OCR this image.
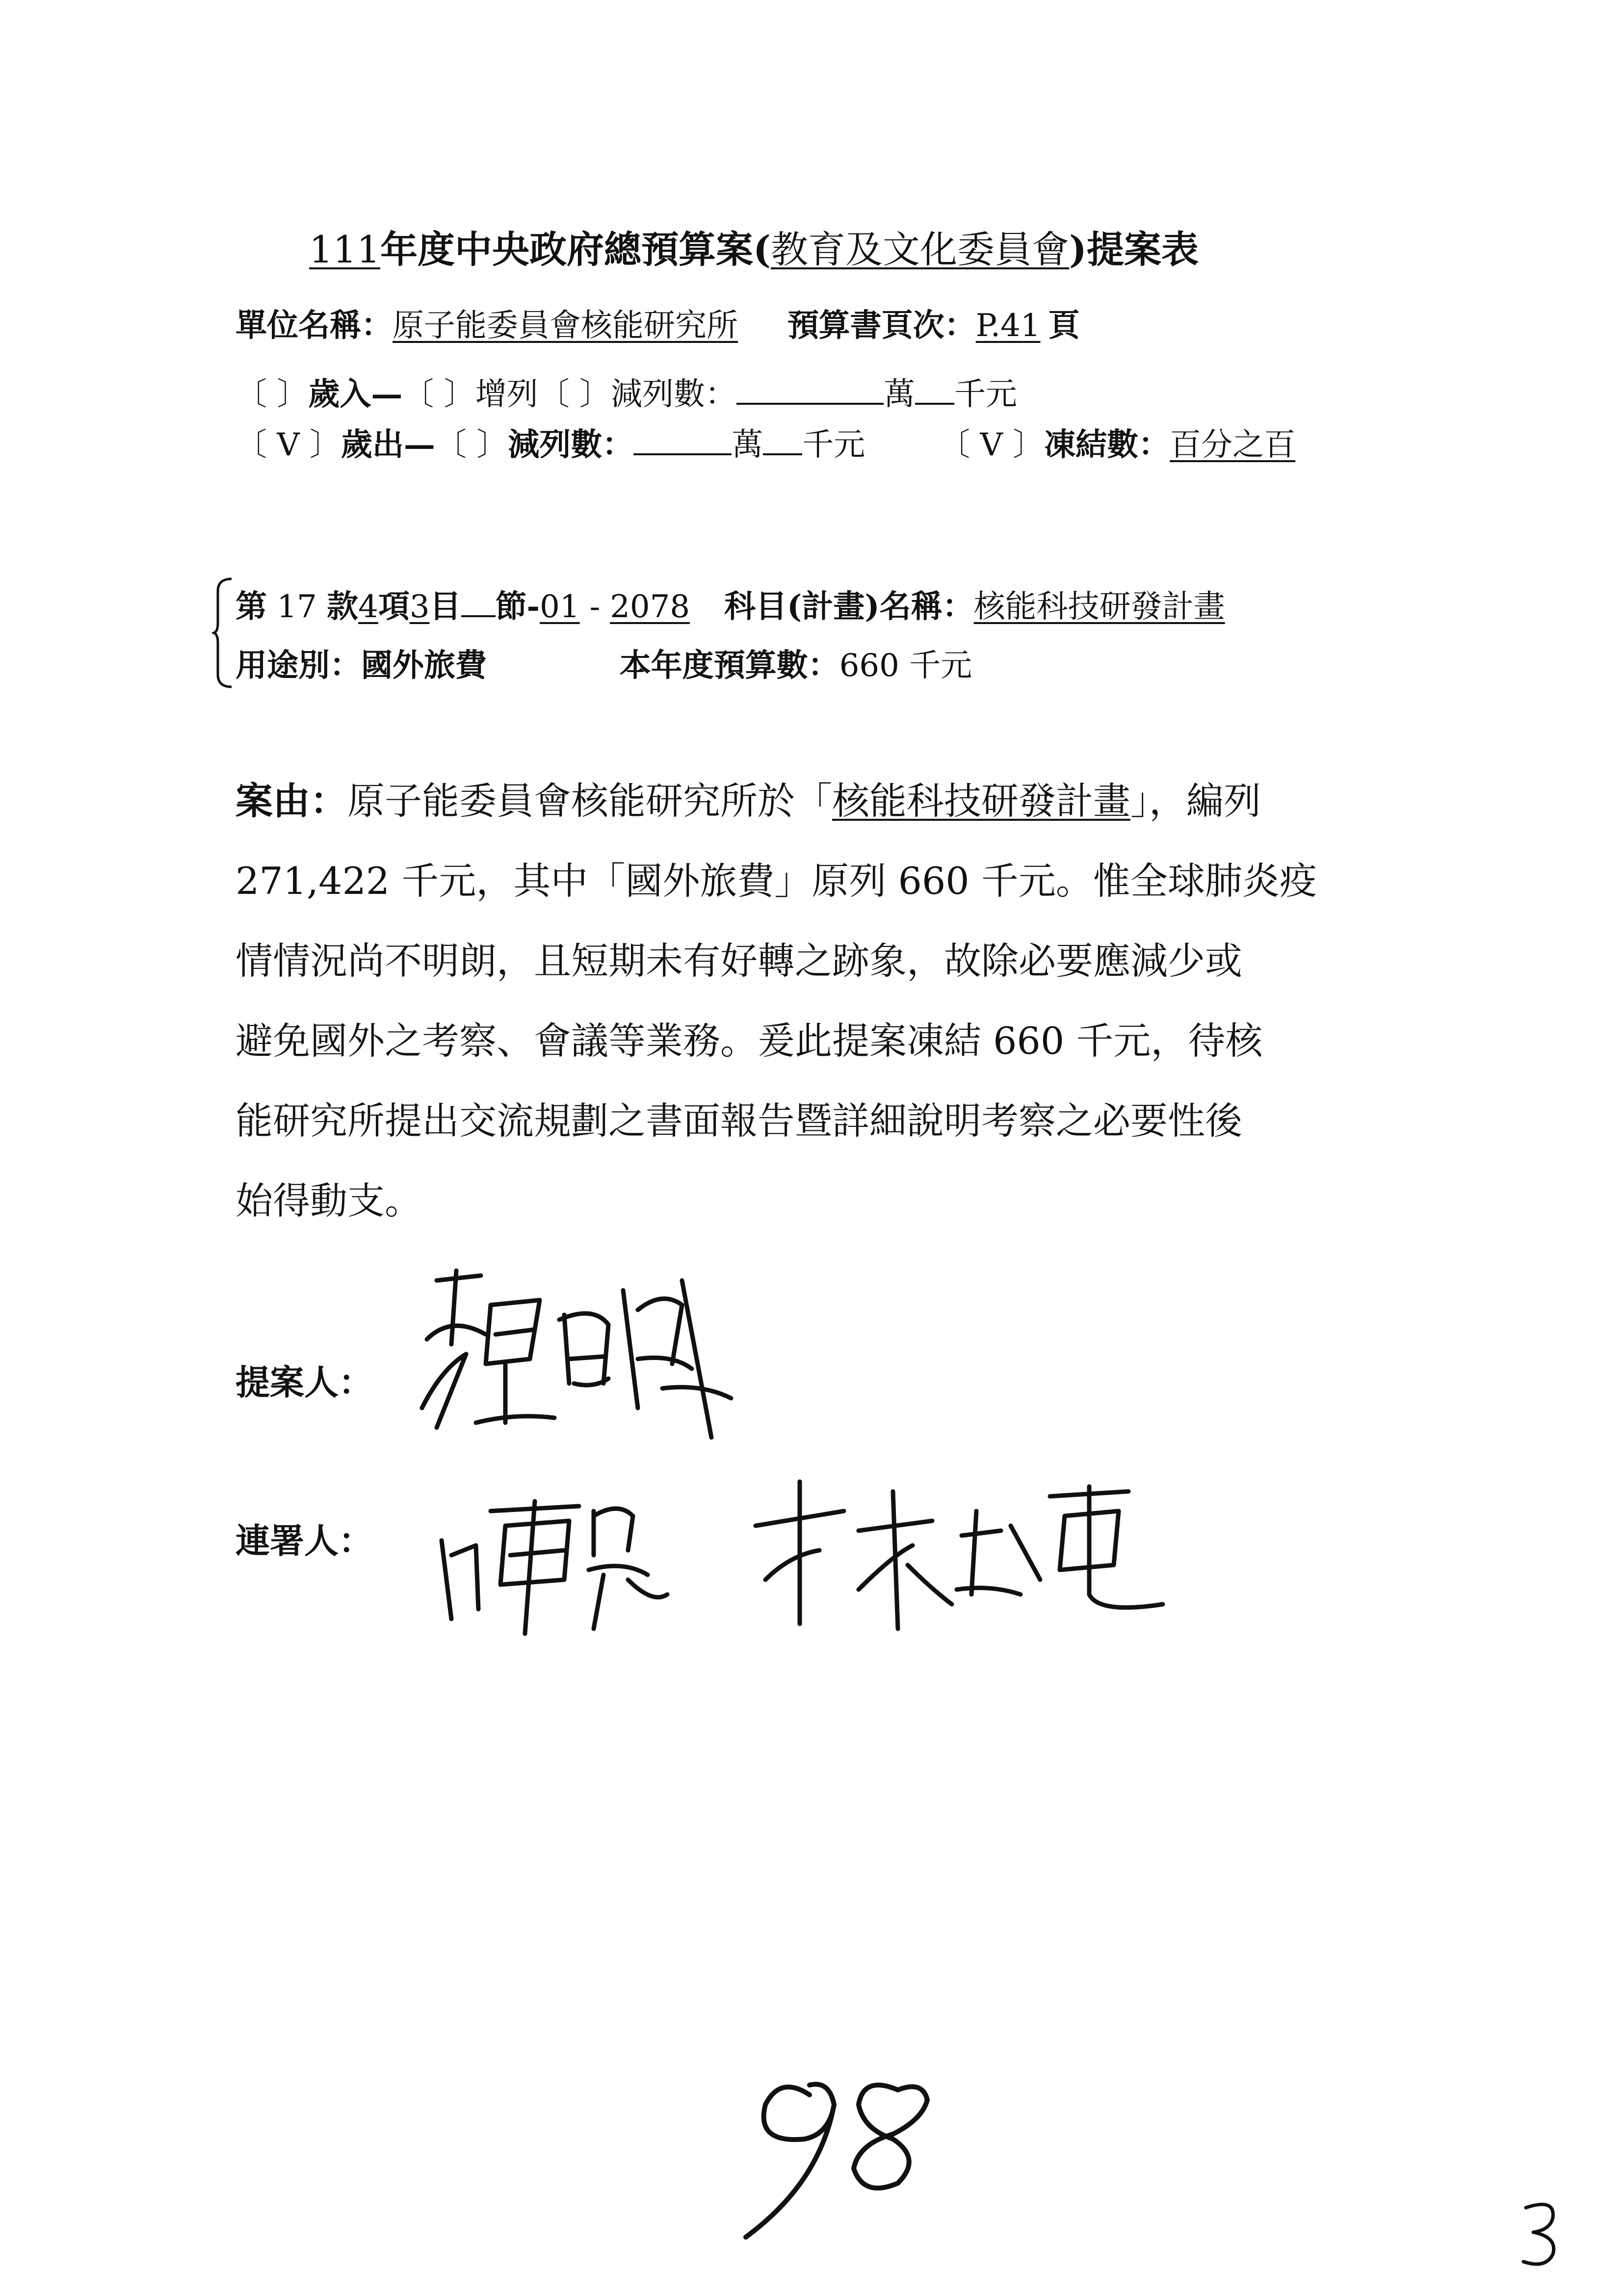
111年度中央政府總預算案(教育及文化委員會)提案表
單位名稱：原子能委員會核能研究所 預算書頁次：P.41 頁
〔 〕歲入—〔 〕增列〔 〕減列數：	萬 千元
〔 V 〕歲出—〔 〕減列數：	萬 千元 〔 V 〕凍結數：百分之百
第 17 款4項3目 節-01 - 2078 科目(計畫)名稱：核能科技研發計畫
用途別：國外旅費	本年度預算數：660 千元
案由：原子能委員會核能研究所於「核能科技研發計畫」，編列
271,422 千元，其中「國外旅費」原列 660 千元。惟全球肺炎疫
情情況尚不明朗，且短期未有好轉之跡象，故除必要應減少或
避免國外之考察、會議等業務。爰此提案凍結 660 千元，待核
能研究所提出交流規劃之書面報告暨詳細說明考察之必要性後
始得動支。
提案人：
連署人：
